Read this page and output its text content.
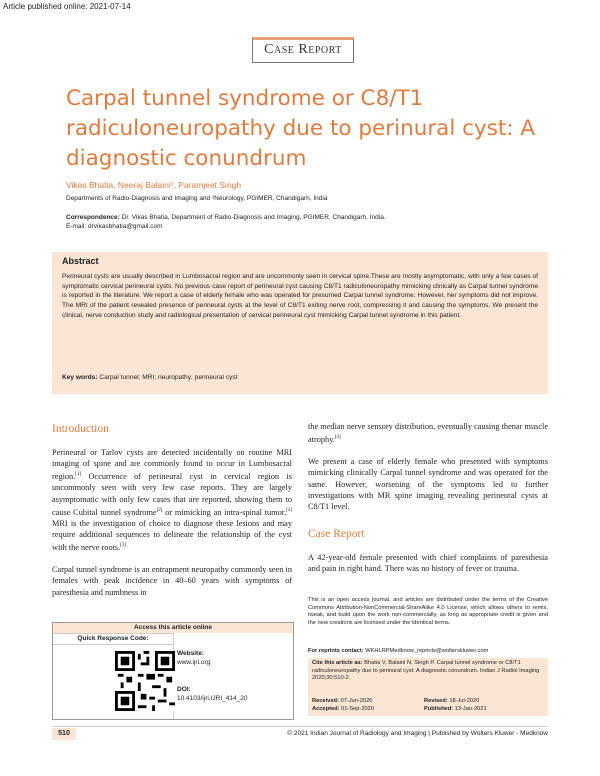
Article published online: 2021-07-14
Case Report
Carpal tunnel syndrome or C8/T1 radiculoneuropathy due to perinural cyst: A diagnostic conundrum
Vikas Bhatia, Neeraj Balaini¹, Paramjeet Singh
Departments of Radio-Diagnosis and Imaging and ¹Neurology, PGIMER, Chandigarh, India
Correspondence: Dr. Vikas Bhatia, Department of Radio-Diagnosis and Imaging, PGIMER, Chandigarh, India.
E-mail: drvikasbhatia@gmail.com
Abstract
Perineural cysts are usually described in Lumbosacral region and are uncommonly seen in cervical spine.These are mostly asymptomatic, with only a few cases of symptomatic cervical perineural cysts. No previous case report of perineural cyst causing C8/T1 radiculoneuropathy mimicking clinically as Carpal tunnel syndrome is reported in the literature. We report a case of elderly female who was operated for presumed Carpal tunnel syndrome. However, her symptoms did not improve. The MRI of the patient revealed presence of perineural cysts at the level of C8/T1 exiting nerve root, compressing it and causing the symptoms. We present the clinical, nerve conduction study and radiological presentation of cervical perineural cyst mimicking Carpal tunnel syndrome in this patient.
Key words: Carpal tunnel; MRI; neuropathy; perineural cyst
Introduction

Perineural or Tarlov cysts are detected incidentally on routine MRI imaging of spine and are commonly found to occur in Lumbosacral region.[1] Occurrence of perineural cyst in cervical region is uncommonly seen with very few case reports. They are largely asymptomatic with only few cases that are reported, showing them to cause Cubital tunnel syndrome[2] or mimicking an intra-spinal tumor.[3] MRI is the investigation of choice to diagnose these lesions and may require additional sequences to delineate the relationship of the cyst with the nerve roots.[3]

Carpal tunnel syndrome is an entrapment neuropathy commonly seen in females with peak incidence in 40–60 years with symptoms of paresthesia and numbness in

Access this article online
Quick Response Code:
Website:
www.ijri.org
DOI:
10.4103/ijri.IJRI_414_20

the median nerve sensory distribution, eventually causing thenar muscle atrophy.[4]

We present a case of elderly female who presented with symptoms mimicking clinically Carpal tunnel syndrome and was operated for the same. However, worsening of the symptoms led to further investigations with MR spine imaging revealing perineural cysts at C8/T1 level.

Case Report

A 42-year-old female presented with chief complaints of paresthesia and pain in right hand. There was no history of fever or trauma.

This is an open access journal, and articles are distributed under the terms of the Creative Commons Attribution-NonCommercial-ShareAlike 4.0 License, which allows others to remix, tweak, and build upon the work non-commercially, as long as appropriate credit is given and the new creations are licensed under the identical terms.
For reprints contact: WKHLRPMedknow_reprints@wolterskluwer.com
Cite this article as: Bhatia V, Balaini N, Singh P. Carpal tunnel syndrome or C8/T1 radiculoneuropathy due to perinural cyst: A diagnostic conundrum. Indian J Radiol Imaging 2020;30:510-2.
Received: 07-Jun-2020	Revised: 18-Jul-2020
Accepted: 01-Sep-2020	Published: 13-Jan-2021
510	© 2021 Indian Journal of Radiology and Imaging | Published by Wolters Kluwer - Medknow
